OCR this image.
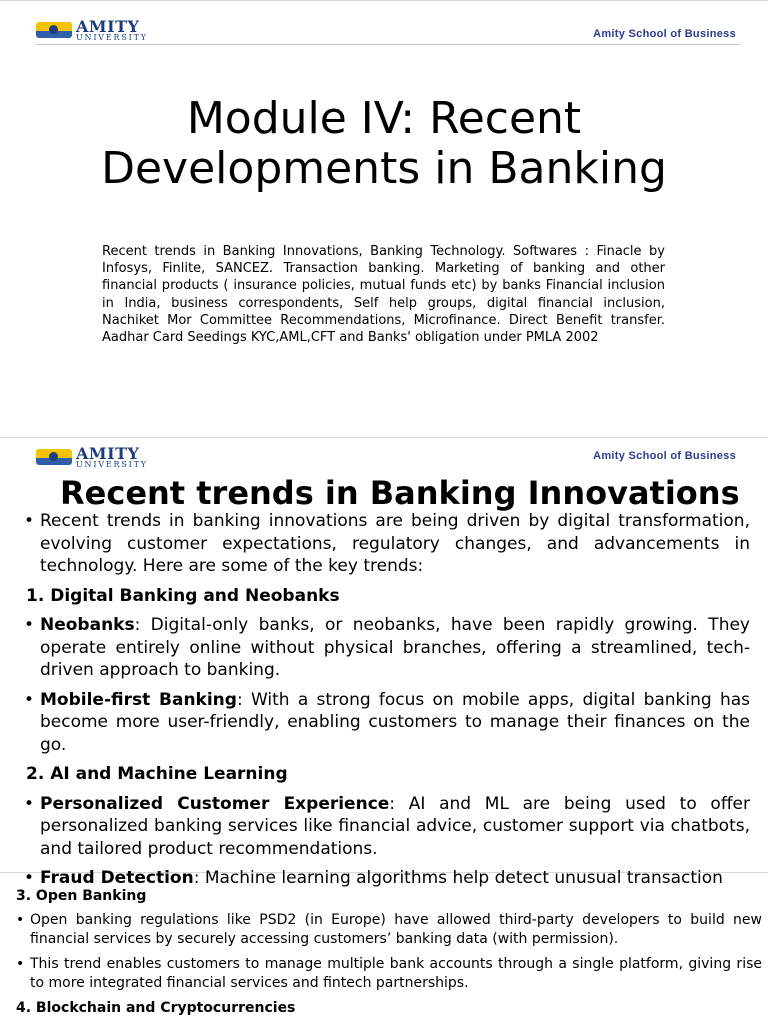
AMITY
UNIVERSITY	Amity School of Business
Module IV: Recent Developments in Banking

Recent trends in Banking Innovations, Banking Technology. Softwares : Finacle by Infosys, Finlite, SANCEZ. Transaction banking. Marketing of banking and other financial products ( insurance policies, mutual funds etc) by banks Financial inclusion in India, business correspondents, Self help groups, digital financial inclusion, Nachiket Mor Committee Recommendations, Microfinance. Direct Benefit transfer. Aadhar Card Seedings KYC,AML,CFT and Banks' obligation under PMLA 2002

AMITY
UNIVERSITY
Amity School of Business
Recent trends in Banking Innovations

• Recent trends in banking innovations are being driven by digital transformation, evolving customer expectations, regulatory changes, and advancements in technology. Here are some of the key trends:

1. Digital Banking and Neobanks

• Neobanks: Digital-only banks, or neobanks, have been rapidly growing. They operate entirely online without physical branches, offering a streamlined, tech-driven approach to banking.

• Mobile-first Banking: With a strong focus on mobile apps, digital banking has become more user-friendly, enabling customers to manage their finances on the go.

2. AI and Machine Learning

• Personalized Customer Experience: AI and ML are being used to offer personalized banking services like financial advice, customer support via chatbots, and tailored product recommendations.

• Fraud Detection: Machine learning algorithms help detect unusual transaction

3. Open Banking

• Open banking regulations like PSD2 (in Europe) have allowed third-party developers to build new financial services by securely accessing customers’ banking data (with permission).

• This trend enables customers to manage multiple bank accounts through a single platform, giving rise to more integrated financial services and fintech partnerships.

4. Blockchain and Cryptocurrencies
